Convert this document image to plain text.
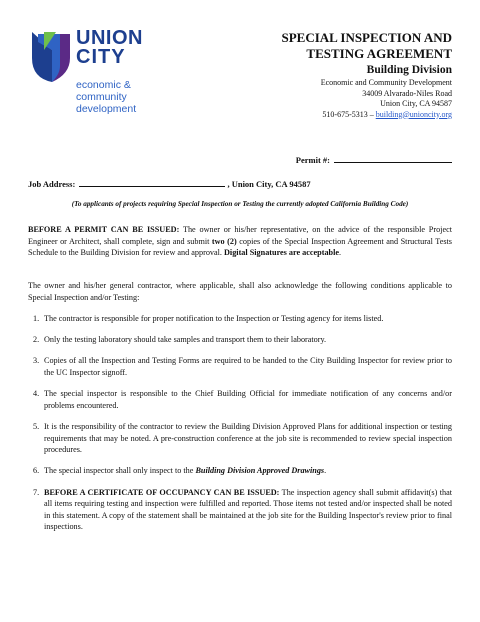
UNION
CITY
economic &
community
development
SPECIAL INSPECTION AND
TESTING AGREEMENT
Building Division
Economic and Community Development
34009 Alvarado-Niles Road
Union City, CA 94587
510-675-5313 – building@unioncity.org
Permit #:
Job Address:	, Union City, CA 94587
(To applicants of projects requiring Special Inspection or Testing the currently adopted California Building Code)
BEFORE A PERMIT CAN BE ISSUED: The owner or his/her representative, on the advice of the responsible Project Engineer or Architect, shall complete, sign and submit two (2) copies of the Special Inspection Agreement and Structural Tests Schedule to the Building Division for review and approval. Digital Signatures are acceptable.
The owner and his/her general contractor, where applicable, shall also acknowledge the following conditions applicable to Special Inspection and/or Testing:
1. The contractor is responsible for proper notification to the Inspection or Testing agency for items listed.
2. Only the testing laboratory should take samples and transport them to their laboratory.
3. Copies of all the Inspection and Testing Forms are required to be handed to the City Building Inspector for review prior to the UC Inspector signoff.
4. The special inspector is responsible to the Chief Building Official for immediate notification of any concerns and/or problems encountered.
5. It is the responsibility of the contractor to review the Building Division Approved Plans for additional inspection or testing requirements that may be noted. A pre-construction conference at the job site is recommended to review special inspection procedures.
6. The special inspector shall only inspect to the Building Division Approved Drawings.
7. BEFORE A CERTIFICATE OF OCCUPANCY CAN BE ISSUED: The inspection agency shall submit affidavit(s) that all items requiring testing and inspection were fulfilled and reported. Those items not tested and/or inspected shall be noted in this statement. A copy of the statement shall be maintained at the job site for the Building Inspector's review prior to final inspections.
